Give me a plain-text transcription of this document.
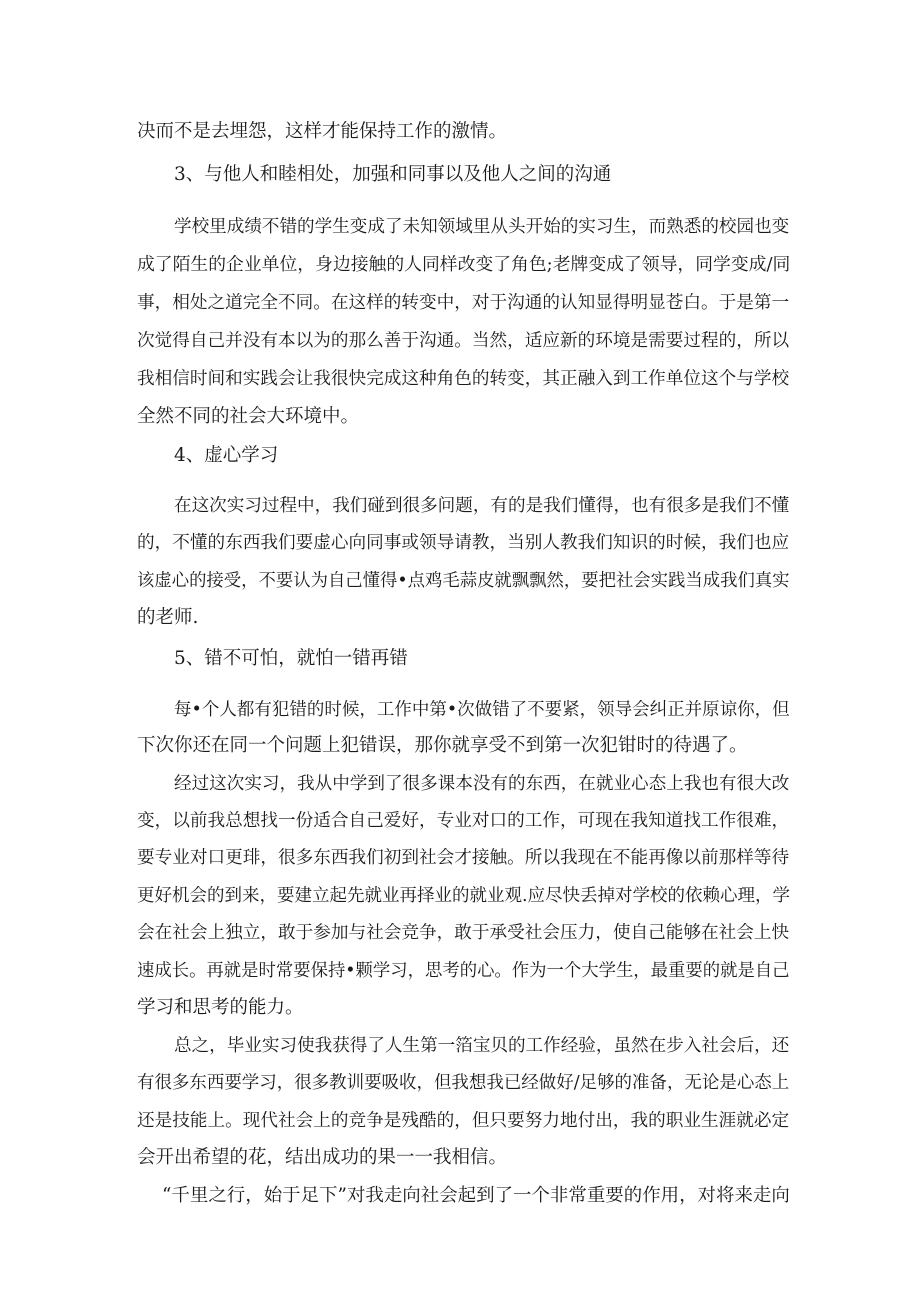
决而不是去埋怨，这样才能保持工作的激情。
3、与他人和睦相处，加强和同事以及他人之间的沟通
学校里成绩不错的学生变成了未知领域里从头开始的实习生，而熟悉的校园也变
成了陌生的企业单位，身边接触的人同样改变了角色;老牌变成了领导，同学变成/同
事，相处之道完全不同。在这样的转变中，对于沟通的认知显得明显苍白。于是第一
次觉得自己并没有本以为的那么善于沟通。当然，适应新的环境是需要过程的，所以
我相信时间和实践会让我很快完成这种角色的转变，其正融入到工作单位这个与学校
全然不同的社会大环境中。
4、虚心学习
在这次实习过程中，我们碰到很多问题，有的是我们懂得，也有很多是我们不懂
的，不懂的东西我们要虚心向同事或领导请教，当别人教我们知识的时候，我们也应
该虚心的接受，不要认为自己懂得•点鸡毛蒜皮就飘飘然，要把社会实践当成我们真实
的老师.
5、错不可怕，就怕一错再错
每•个人都有犯错的时候，工作中第•次做错了不要紧，领导会纠正并原谅你，但
下次你还在同一个问题上犯错误，那你就享受不到第一次犯钳时的待遇了。
经过这次实习，我从中学到了很多课本没有的东西，在就业心态上我也有很大改
变，以前我总想找一份适合自己爱好，专业对口的工作，可现在我知道找工作很难，
要专业对口更琲，很多东西我们初到社会才接触。所以我现在不能再像以前那样等待
更好机会的到来，要建立起先就业再择业的就业观.应尽快丢掉对学校的依赖心理，学
会在社会上独立，敢于参加与社会竞争，敢于承受社会压力，使自己能够在社会上快
速成长。再就是时常要保持•颗学习，思考的心。作为一个大学生，最重要的就是自己
学习和思考的能力。
总之，毕业实习使我获得了人生第一箔宝贝的工作经验，虽然在步入社会后，还
有很多东西要学习，很多教训要吸收，但我想我已经做好/足够的准备，无论是心态上
还是技能上。现代社会上的竞争是残酷的，但只要努力地付出，我的职业生涯就必定
会开出希望的花，结出成功的果一一我相信。
“千里之行，始于足下”对我走向社会起到了一个非常重要的作用，对将来走向
